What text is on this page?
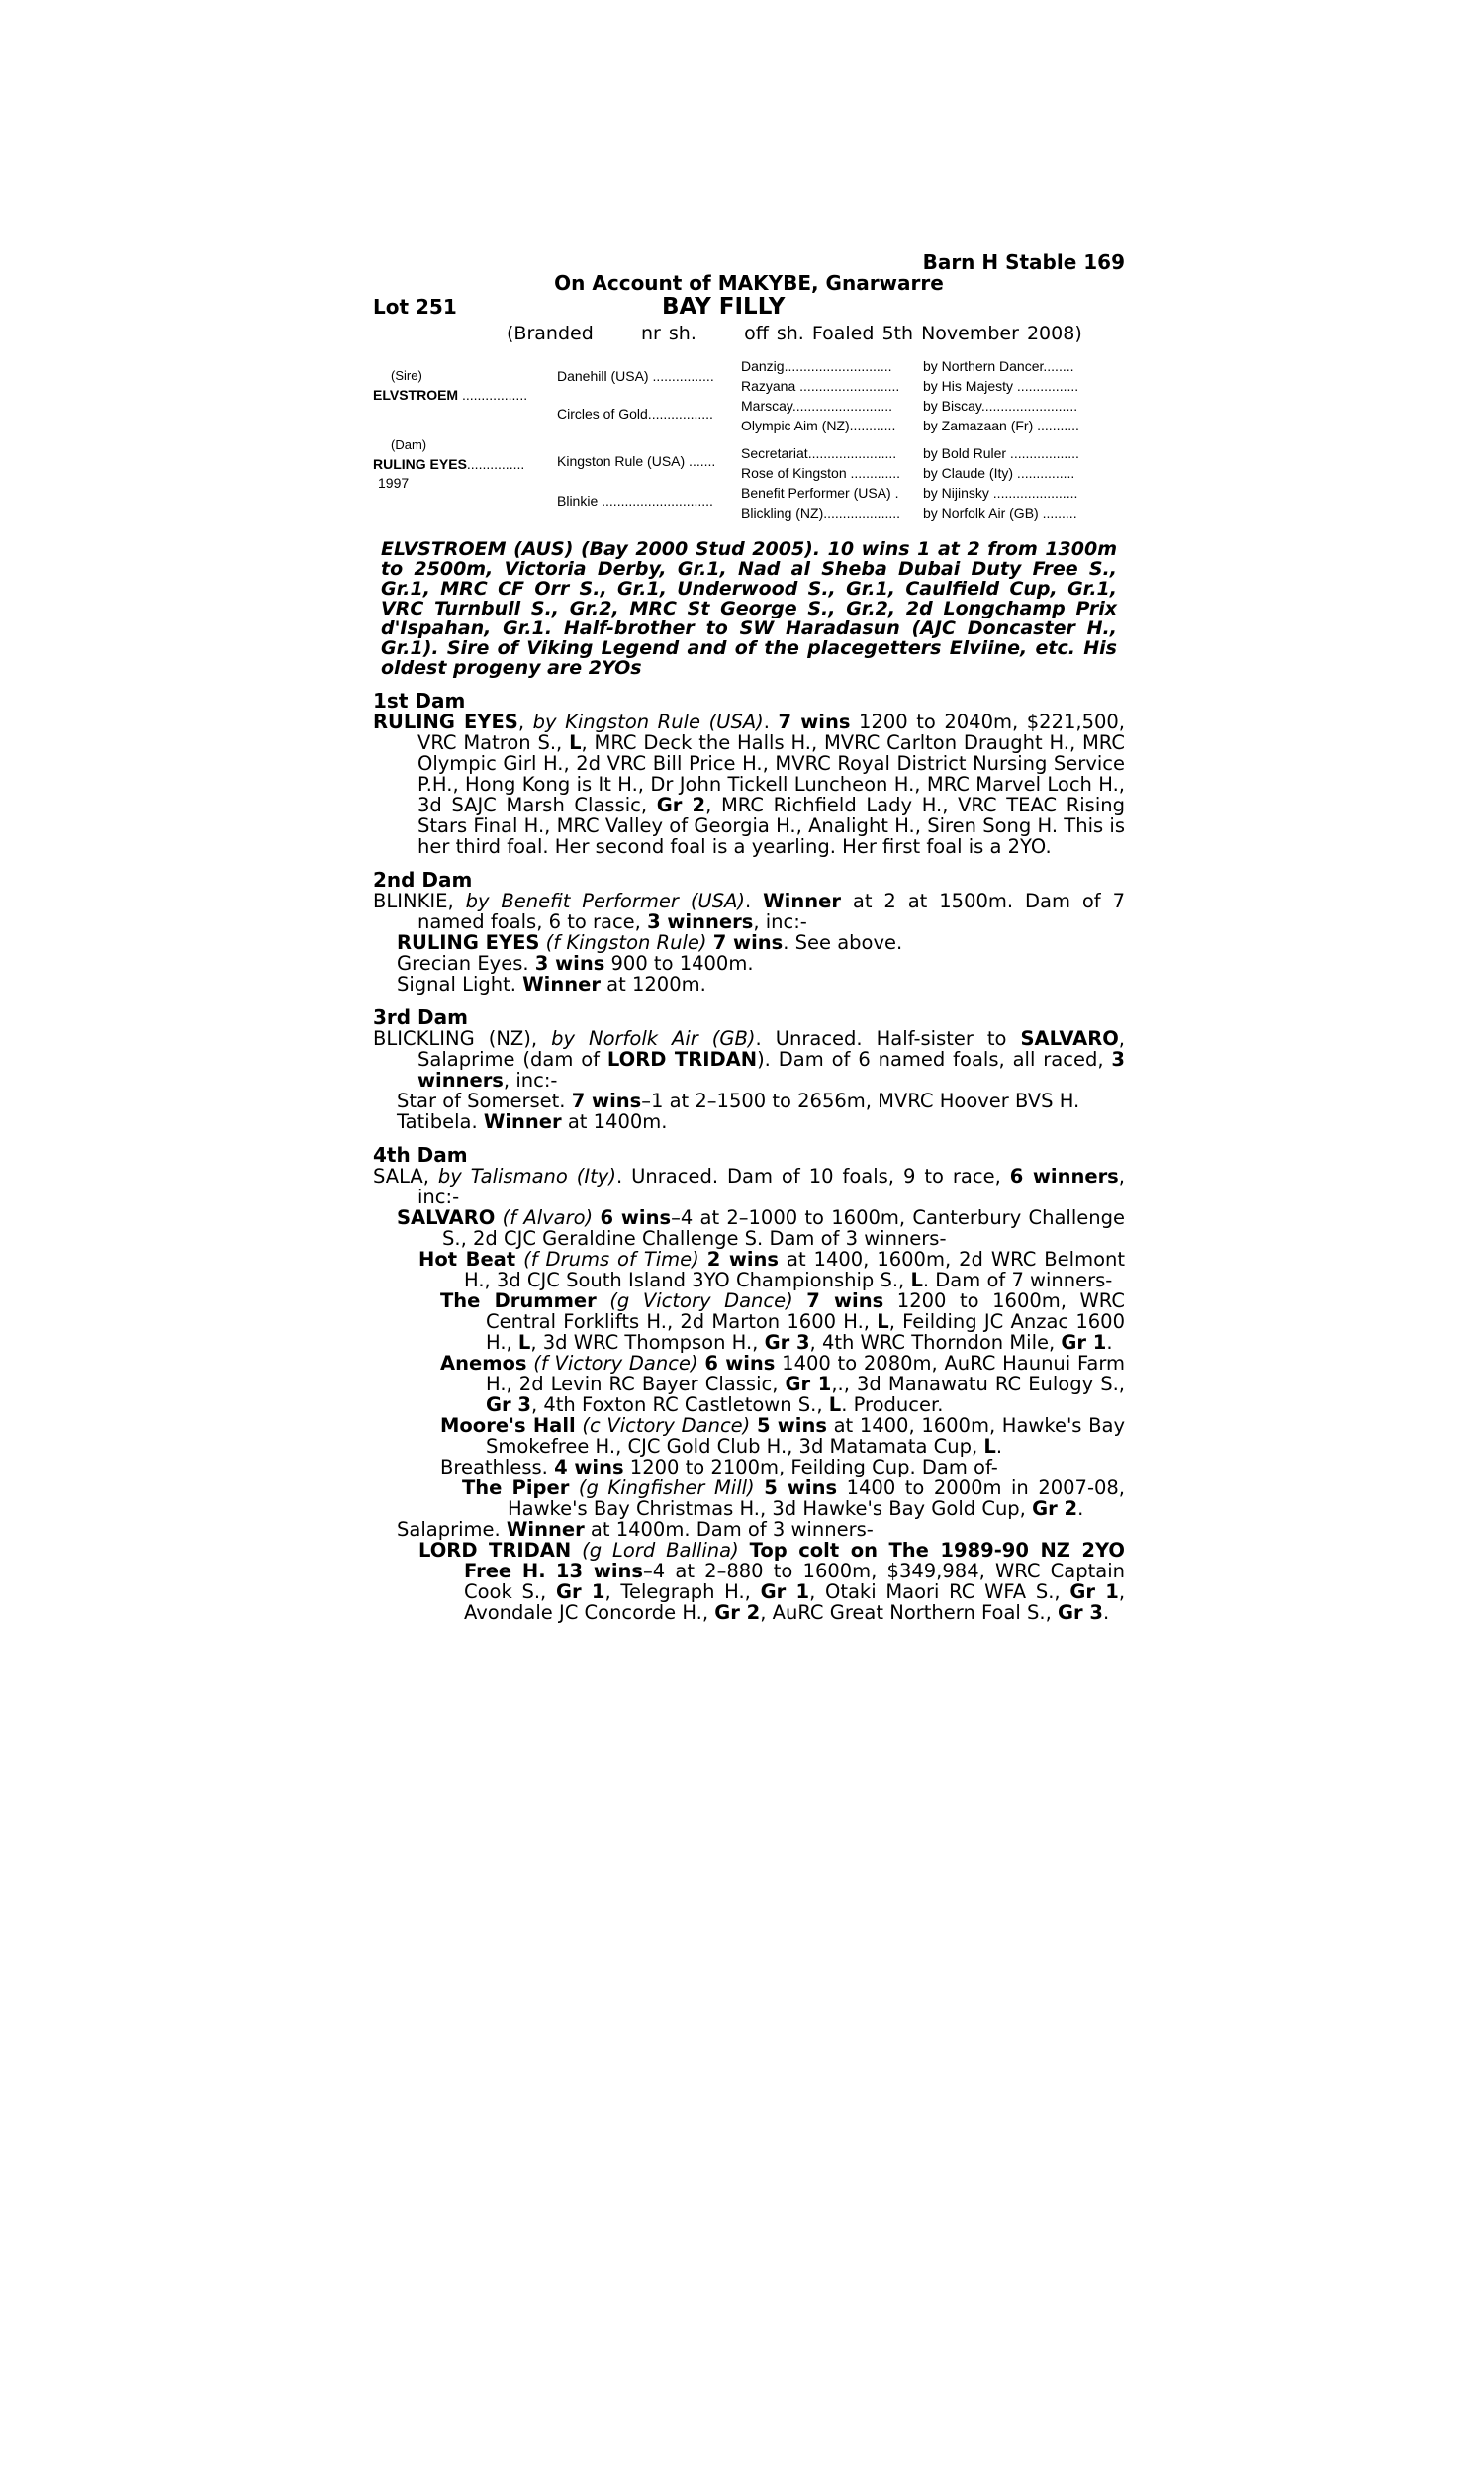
Barn H Stable 169
On Account of MAKYBE, Gnarwarre
Lot 251	BAY FILLY
(Branded      nr sh.      off sh. Foaled 5th November 2008)
(Sire)
ELVSTROEM .................
(Dam)
RULING EYES...............
1997
Danehill (USA) ................
Circles of Gold.................
Kingston Rule (USA) .......
Blinkie .............................
Danzig............................
Razyana ..........................
Marscay..........................
Olympic Aim (NZ)............
Secretariat.......................
Rose of Kingston .............
Benefit Performer (USA) .
Blickling (NZ)....................
by Northern Dancer........
by His Majesty ................
by Biscay.........................
by Zamazaan (Fr) ...........
by Bold Ruler ..................
by Claude (Ity) ...............
by Nijinsky ......................
by Norfolk Air (GB) .........
ELVSTROEM (AUS) (Bay 2000 Stud 2005). 10 wins 1 at 2 from 1300m to 2500m, Victoria Derby, Gr.1, Nad al Sheba Dubai Duty Free S., Gr.1, MRC CF Orr S., Gr.1, Underwood S., Gr.1, Caulfield Cup, Gr.1, VRC Turnbull S., Gr.2, MRC St George S., Gr.2, 2d Longchamp Prix d'Ispahan, Gr.1. Half-brother to SW Haradasun (AJC Doncaster H., Gr.1). Sire of Viking Legend and of the placegetters Elviine, etc. His oldest progeny are 2YOs
1st Dam
RULING EYES, by Kingston Rule (USA). 7 wins 1200 to 2040m, $221,500, VRC Matron S., L, MRC Deck the Halls H., MVRC Carlton Draught H., MRC Olympic Girl H., 2d VRC Bill Price H., MVRC Royal District Nursing Service P.H., Hong Kong is It H., Dr John Tickell Luncheon H., MRC Marvel Loch H., 3d SAJC Marsh Classic, Gr 2, MRC Richfield Lady H., VRC TEAC Rising Stars Final H., MRC Valley of Georgia H., Analight H., Siren Song H. This is her third foal. Her second foal is a yearling. Her first foal is a 2YO.
2nd Dam
BLINKIE, by Benefit Performer (USA). Winner at 2 at 1500m. Dam of 7 named foals, 6 to race, 3 winners, inc:-
RULING EYES (f Kingston Rule) 7 wins. See above.
Grecian Eyes. 3 wins 900 to 1400m.
Signal Light. Winner at 1200m.
3rd Dam
BLICKLING (NZ), by Norfolk Air (GB). Unraced. Half-sister to SALVARO, Salaprime (dam of LORD TRIDAN). Dam of 6 named foals, all raced, 3 winners, inc:-
Star of Somerset. 7 wins–1 at 2–1500 to 2656m, MVRC Hoover BVS H.
Tatibela. Winner at 1400m.
4th Dam
SALA, by Talismano (Ity). Unraced. Dam of 10 foals, 9 to race, 6 winners, inc:-
SALVARO (f Alvaro) 6 wins–4 at 2–1000 to 1600m, Canterbury Challenge S., 2d CJC Geraldine Challenge S. Dam of 3 winners-
Hot Beat (f Drums of Time) 2 wins at 1400, 1600m, 2d WRC Belmont H., 3d CJC South Island 3YO Championship S., L. Dam of 7 winners-
The Drummer (g Victory Dance) 7 wins 1200 to 1600m, WRC Central Forklifts H., 2d Marton 1600 H., L, Feilding JC Anzac 1600 H., L, 3d WRC Thompson H., Gr 3, 4th WRC Thorndon Mile, Gr 1.
Anemos (f Victory Dance) 6 wins 1400 to 2080m, AuRC Haunui Farm H., 2d Levin RC Bayer Classic, Gr 1,., 3d Manawatu RC Eulogy S., Gr 3, 4th Foxton RC Castletown S., L. Producer.
Moore's Hall (c Victory Dance) 5 wins at 1400, 1600m, Hawke's Bay Smokefree H., CJC Gold Club H., 3d Matamata Cup, L.
Breathless. 4 wins 1200 to 2100m, Feilding Cup. Dam of-
The Piper (g Kingfisher Mill) 5 wins 1400 to 2000m in 2007-08, Hawke's Bay Christmas H., 3d Hawke's Bay Gold Cup, Gr 2.
Salaprime. Winner at 1400m. Dam of 3 winners-
LORD TRIDAN (g Lord Ballina) Top colt on The 1989-90 NZ 2YO Free H. 13 wins–4 at 2–880 to 1600m, $349,984, WRC Captain Cook S., Gr 1, Telegraph H., Gr 1, Otaki Maori RC WFA S., Gr 1, Avondale JC Concorde H., Gr 2, AuRC Great Northern Foal S., Gr 3.
